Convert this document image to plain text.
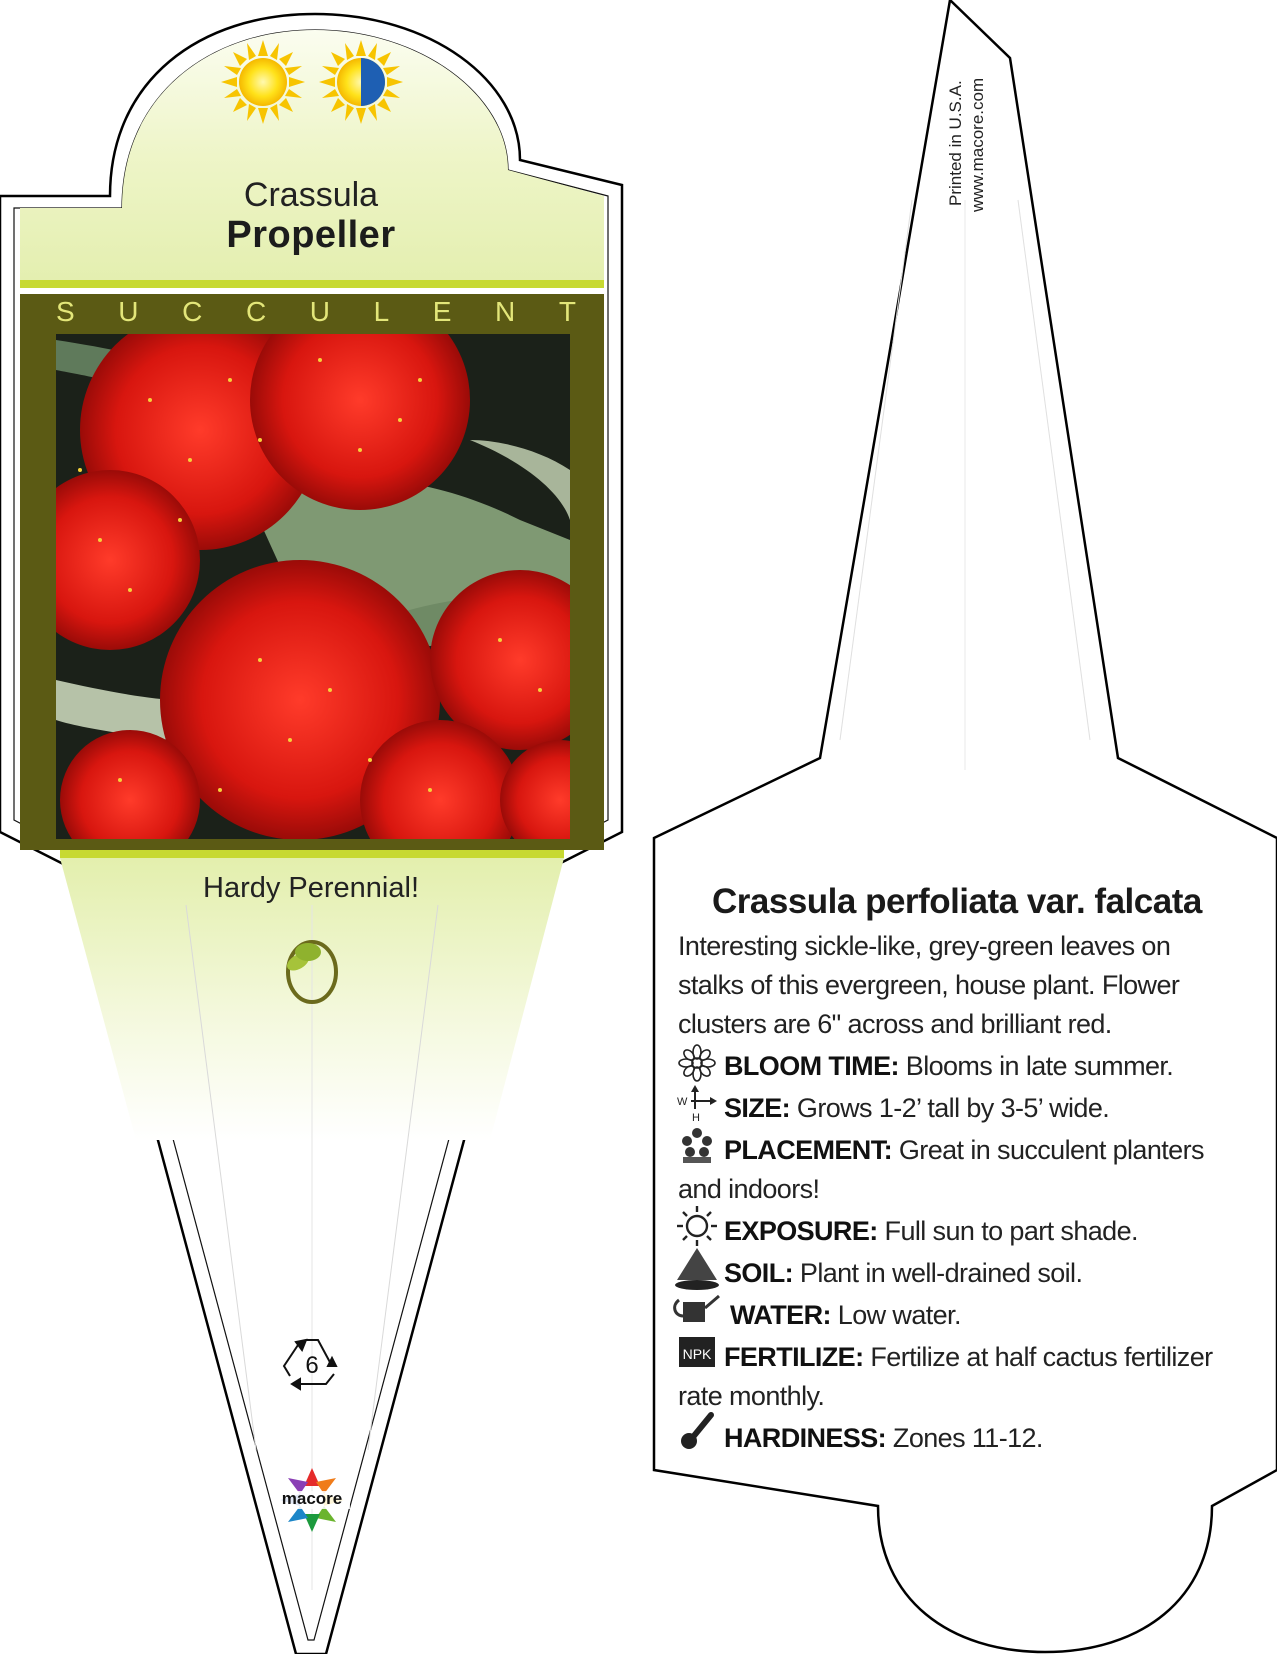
W
H
NPK
Crassula
Propeller
S U C C U L E N T
Hardy Perennial!
6
macore
Printed in U.S.A. www.macore.com
Crassula perfoliata var. falcata
Interesting sickle-like, grey-green leaves on stalks of this evergreen, house plant. Flower clusters are 6" across and brilliant red.
BLOOM TIME: Blooms in late summer.
SIZE: Grows 1-2’ tall by 3-5’ wide.
PLACEMENT: Great in succulent planters and indoors!
EXPOSURE: Full sun to part shade.
SOIL: Plant in well-drained soil.
WATER: Low water.
FERTILIZE: Fertilize at half cactus fertilizer rate monthly.
HARDINESS: Zones 11-12.
